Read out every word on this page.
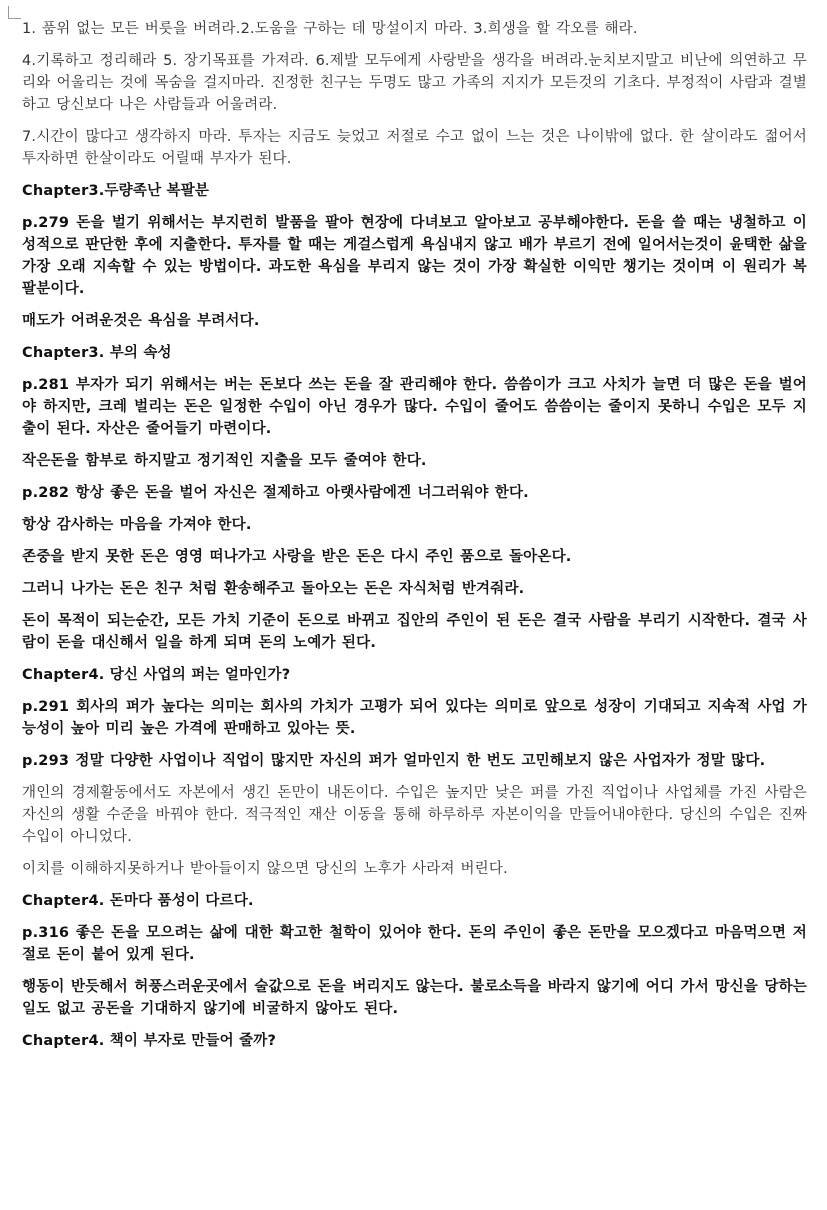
1. 품위 없는 모든 버릇을 버려라.2.도움을 구하는 데 망설이지 마라. 3.희생을 할 각오를 해라.

4.기록하고 정리해라 5. 장기목표를 가져라. 6.제발 모두에게 사랑받을 생각을 버려라.눈치보지말고 비난에 의연하고 무리와 어울리는 것에 목숨을 걸지마라. 진정한 친구는 두명도 많고 가족의 지지가 모든것의 기초다. 부정적이 사람과 결별하고 당신보다 나은 사람들과 어울려라.

7.시간이 많다고 생각하지 마라. 투자는 지금도 늦었고 저절로 수고 없이 느는 것은 나이밖에 없다. 한 살이라도 젊어서 투자하면 한살이라도 어릴때 부자가 된다.

Chapter3.두량족난 복팔분

p.279 돈을 벌기 위해서는 부지런히 발품을 팔아 현장에 다녀보고 알아보고 공부해야한다. 돈을 쓸 때는 냉철하고 이성적으로 판단한 후에 지출한다. 투자를 할 때는 게걸스럽게 욕심내지 않고 배가 부르기 전에 일어서는것이 윤택한 삶을 가장 오래 지속할 수 있는 방법이다. 과도한 욕심을 부리지 않는 것이 가장 확실한 이익만 챙기는 것이며 이 원리가 복팔분이다.

매도가 어려운것은 욕심을 부려서다.

Chapter3. 부의 속성

p.281 부자가 되기 위해서는 버는 돈보다 쓰는 돈을 잘 관리해야 한다. 씀씀이가 크고 사치가 늘면 더 많은 돈을 벌어야 하지만, 크레 벌리는 돈은 일정한 수입이 아닌 경우가 많다. 수입이 줄어도 씀씀이는 줄이지 못하니 수입은 모두 지출이 된다. 자산은 줄어들기 마련이다.

작은돈을 함부로 하지말고 정기적인 지출을 모두 줄여야 한다.

p.282 항상 좋은 돈을 벌어 자신은 절제하고 아랫사람에겐 너그러워야 한다.

항상 감사하는 마음을 가져야 한다.

존중을 받지 못한 돈은 영영 떠나가고 사랑을 받은 돈은 다시 주인 품으로 돌아온다.

그러니 나가는 돈은 친구 처럼 환송해주고 돌아오는 돈은 자식처럼 반겨줘라.

돈이 목적이 되는순간, 모든 가치 기준이 돈으로 바뀌고 집안의 주인이 된 돈은 결국 사람을 부리기 시작한다. 결국 사람이 돈을 대신해서 일을 하게 되며 돈의 노예가 된다.

Chapter4. 당신 사업의 퍼는 얼마인가?

p.291 회사의 퍼가 높다는 의미는 회사의 가치가 고평가 되어 있다는 의미로 앞으로 성장이 기대되고 지속적 사업 가능성이 높아 미리 높은 가격에 판매하고 있아는 뜻.

p.293 정말 다양한 사업이나 직업이 많지만 자신의 퍼가 얼마인지 한 번도 고민해보지 않은 사업자가 정말 많다.

개인의 경제활동에서도 자본에서 생긴 돈만이 내돈이다. 수입은 높지만 낮은 퍼를 가진 직업이나 사업체를 가진 사람은 자신의 생활 수준을 바꿔야 한다. 적극적인 재산 이동을 통해 하루하루 자본이익을 만들어내야한다. 당신의 수입은 진짜 수입이 아니었다.

이치를 이해하지못하거나 받아들이지 않으면 당신의 노후가 사라져 버린다.

Chapter4. 돈마다 품성이 다르다.

p.316 좋은 돈을 모으려는 삶에 대한 확고한 철학이 있어야 한다. 돈의 주인이 좋은 돈만을 모으겠다고 마음먹으면 저절로 돈이 붙어 있게 된다.

행동이 반듯해서 허풍스러운곳에서 술값으로 돈을 버리지도 않는다. 불로소득을 바라지 않기에 어디 가서 망신을 당하는 일도 없고 공돈을 기대하지 않기에 비굴하지 않아도 된다.

Chapter4. 책이 부자로 만들어 줄까?
